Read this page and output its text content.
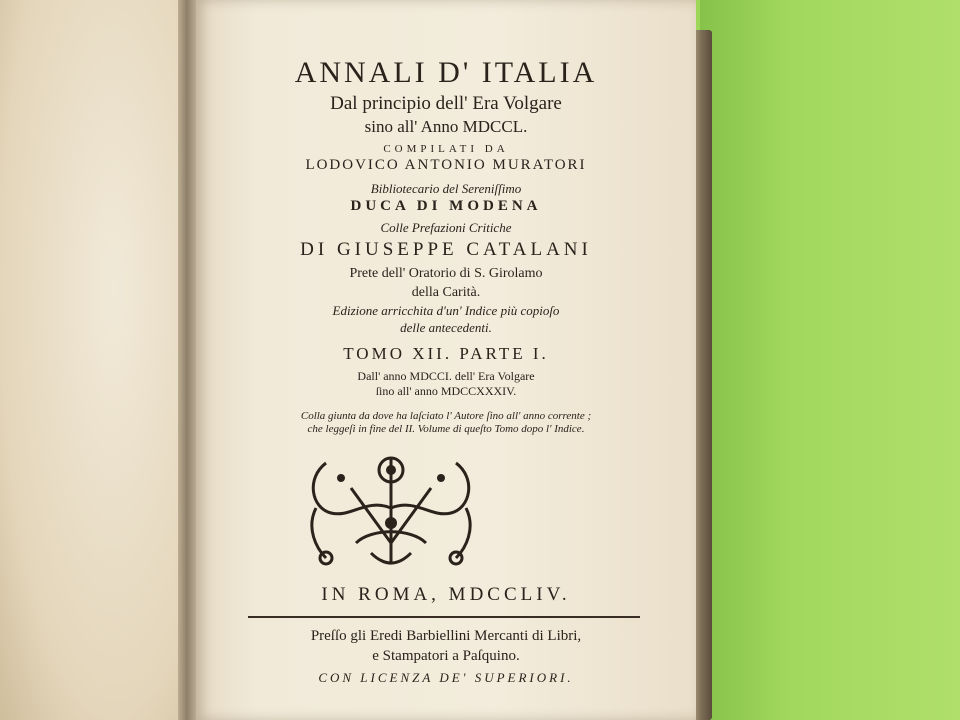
ANNALI D' ITALIA
Dal principio dell' Era Volgare
sino all' Anno MDCCL.
COMPILATI DA
LODOVICO ANTONIO MURATORI
Bibliotecario del Sereniſſimo
DUCA DI MODENA
Colle Prefazioni Critiche
DI GIUSEPPE CATALANI
Prete dell' Oratorio di S. Girolamo
della Carità.
Edizione arricchita d'un' Indice più copioſo
delle antecedenti.
TOMO XII. PARTE I.
Dall' anno MDCCI. dell' Era Volgare
ſino all' anno MDCCXXXIV.
Colla giunta da dove ha laſciato l' Autore ſino all' anno corrente ;
che leggeſi in fine del II. Volume di queſto Tomo dopo l' Indice.
IN ROMA, MDCCLIV.
Preſſo gli Eredi Barbiellini Mercanti di Libri,
e Stampatori a Paſquino.
CON LICENZA DE' SUPERIORI.
